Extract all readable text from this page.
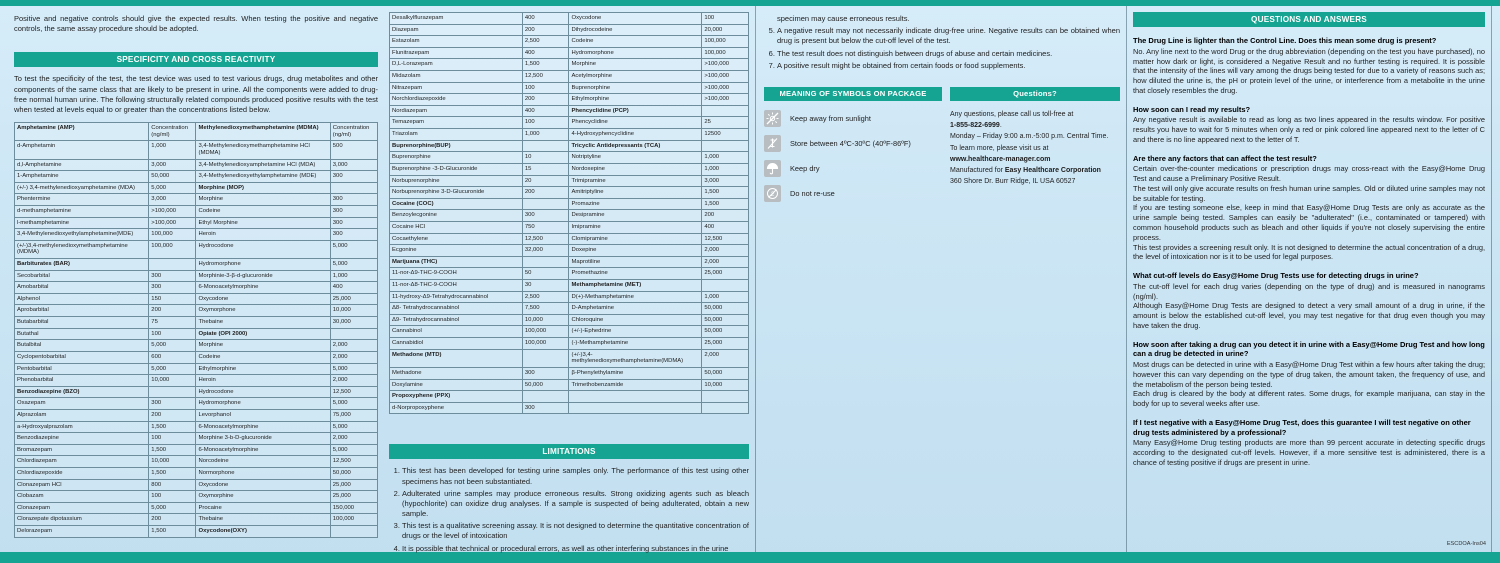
Positive and negative controls should give the expected results. When testing the positive and negative controls, the same assay procedure should be adopted.

SPECIFICITY AND CROSS REACTIVITY

To test the specificity of the test, the test device was used to test various drugs, drug metabolites and other components of the same class that are likely to be present in urine. All the components were added to drug-free normal human urine. The following structurally related compounds produced positive results with the test when tested at levels equal to or greater than the concentrations listed below.

Amphetamine (AMP)	Concentration (ng/ml)	Methylenedioxymethamphetamine (MDMA)	Concentration (ng/ml)
d-Amphetamin	1,000	3,4-Methylenedioxymethamphetamine HCl (MDMA)	500
d,l-Amphetamine	3,000	3,4-Methylenedioxyamphetamine HCl (MDA)	3,000
1-Amphetamine	50,000	3,4-Methylenedioxyethylamphetamine (MDE)	300
(+/-) 3,4-methylenedioxyamphetamine (MDA)	5,000	Morphine (MOP)	
Phentermine	3,000	Morphine	300
d-methamphetamine	>100,000	Codeine	300
l-methamphetamine	>100,000	Ethyl Morphine	300
3,4-Methylenedioxyethylamphetamine(MDE)	100,000	Heroin	300
(+/-)3,4-methylenedioxymethamphetamine (MDMA)	100,000	Hydrocodone	5,000
Barbiturates (BAR)		Hydromorphone	5,000
Secobarbital	300	Morphinie-3-β-d-glucuronide	1,000
Amobarbital	300	6-Monoacetylmorphine	400
Alphenol	150	Oxycodone	25,000
Aprobarbital	200	Oxymorphone	10,000
Butabarbital	75	Thebaine	30,000
Butathal	100	Opiate (OPI 2000)	
Butalbital	5,000	Morphine	2,000
Cyclopentobarbital	600	Codeine	2,000
Pentobarbital	5,000	Ethylmorphine	5,000
Phenobarbital	10,000	Heroin	2,000
Benzodiazepine (BZO)		Hydrocodone	12,500
Oxazepam	300	Hydromorphone	5,000
Alprazolam	200	Levorphanol	75,000
a-Hydroxyalprazolam	1,500	6-Monoacetylmorphine	5,000
Benzodiazepine	100	Morphine 3-b-D-glucuronide	2,000
Bromazepam	1,500	6-Monoacetylmorphine	5,000
Chlordiazepam	10,000	Norcodeine	12,500
Chlordiazepoxide	1,500	Normorphone	50,000
Clonazepam HCl	800	Oxycodone	25,000
Clobazam	100	Oxymorphine	25,000
Clonazepam	5,000	Procaine	150,000
Clorazepate dipotassium	200	Thebaine	100,000
Delorazepam	1,500	Oxycodone(OXY)	
Desalkylflurazepam	400	Oxycodone	100
Diazepam	200	Dihydrocodeine	20,000
Estazolam	2,500	Codeine	100,000
Flunitrazepam	400	Hydromorphone	100,000
D,L-Lorazepam	1,500	Morphine	>100,000
Midazolam	12,500	Acetylmorphine	>100,000
Nitrazepam	100	Buprenorphine	>100,000
Norchlordiazepoxide	200	Ethylmorphine	>100,000
Nordiazepam	400	Phencyclidine (PCP)	
Temazepam	100	Phencyclidine	25
Triazolam	1,000	4-Hydroxyphencyclidine	12500
Buprenorphine(BUP)		Tricyclic Antidepressants (TCA)	
Buprenorphine	10	Notriptyline	1,000
Buprenorphine -3-D-Glucuronide	15	Nordoxepine	1,000
Norbuprenorphine	20	Trimipramine	3,000
Norbuprenorphine 3-D-Glucuronide	200	Amitriptyline	1,500
Cocaine (COC)		Promazine	1,500
Benzoylecgonine	300	Desipramine	200
Cocaine HCl	750	Imipramine	400
Cocaethylene	12,500	Clomipramine	12,500
Ecgonine	32,000	Doxepine	2,000
Marijuana (THC)		Maprotiline	2,000
11-nor-Δ9-THC-9-COOH	50	Promethazine	25,000
11-nor-Δ8-THC-9-COOH	30	Methamphetamine (MET)	
11-hydroxy-Δ9-Tetrahydrocannabinol	2,500	D(+)-Methamphetamine	1,000
Δ8- Tetrahydrocannabinol	7,500	D-Amphetamine	50,000
Δ9- Tetrahydrocannabinol	10,000	Chloroquine	50,000
Cannabinol	100,000	(+/-)-Ephedrine	50,000
Cannabidiol	100,000	(-)-Methamphetamine	25,000
Methadone (MTD)		(+/-)3,4-methylenedioxymethamphetamine(MDMA)	2,000
Methadone	300	β-Phenylethylamine	50,000
Doxylamine	50,000	Trimethobenzamide	10,000
Propoxyphene (PPX)			
d-Norpropoxyphene	300		
LIMITATIONS
1. This test has been developed for testing urine samples only. The performance of this test using other specimens has not been substantiated.
2. Adulterated urine samples may produce erroneous results. Strong oxidizing agents such as bleach (hypochlorite) can oxidize drug analyses. If a sample is suspected of being adulterated, obtain a new sample.
3. This test is a qualitative screening assay. It is not designed to determine the quantitative concentration of drugs or the level of intoxication
4. It is possible that technical or procedural errors, as well as other interfering substances in the urine
specimen may cause erroneous results.
5. A negative result may not necessarily indicate drug-free urine. Negative results can be obtained when drug is present but below the cut-off level of the test.
6. The test result does not distinguish between drugs of abuse and certain medicines.
7. A positive result might be obtained from certain foods or food supplements.
MEANING OF SYMBOLS ON PACKAGE
Keep away from sunlight
Store between 4ºC-30ºC (40ºF-86ºF)
Keep dry
2 Do not re-use
Questions?
Any questions, please call us toll-free at
1-855-822-6999.
Monday – Friday 9:00 a.m.-5:00 p.m. Central Time.
To learn more, please visit us at
www.healthcare-manager.com
Manufactured for Easy Healthcare Corporation
360 Shore Dr. Burr Ridge, IL USA 60527
QUESTIONS AND ANSWERS
The Drug Line is lighter than the Control Line. Does this mean some drug is present?

No. Any line next to the word Drug or the drug abbreviation (depending on the test you have purchased), no matter how dark or light, is considered a Negative Result and no further testing is required. It is possible that the intensity of the lines will vary among the drugs being tested for due to a variety of reasons such as; how diluted the urine is, the pH or protein level of the urine, or interference from a metabolite in the urine that closely resembles the drug.

How soon can I read my results?

Any negative result is available to read as long as two lines appeared in the results window. For positive results you have to wait for 5 minutes when only a red or pink colored line appeared next to the letter of C and there is no line appeared next to the letter of T.

Are there any factors that can affect the test result?

Certain over-the-counter medications or prescription drugs may cross-react with the Easy@Home Drug Test and cause a Preliminary Positive Result.

The test will only give accurate results on fresh human urine samples. Old or diluted urine samples may not be suitable for testing.

If you are testing someone else, keep in mind that Easy@Home Drug Tests are only as accurate as the urine sample being tested. Samples can easily be "adulterated" (i.e., contaminated or tampered) with common household products such as bleach and other liquids if you're not closely supervising the entire process.

This test provides a screening result only. It is not designed to determine the actual concentration of a drug, the level of intoxication nor is it to be used for legal purposes.

What cut-off levels do Easy@Home Drug Tests use for detecting drugs in urine?

The cut-off level for each drug varies (depending on the type of drug) and is measured in nanograms (ng/ml).

Although Easy@Home Drug Tests are designed to detect a very small amount of a drug in urine, if the amount is below the established cut-off level, you may test negative for that drug even though you may have taken the drug.

How soon after taking a drug can you detect it in urine with a Easy@Home Drug Test and how long can a drug be detected in urine?

Most drugs can be detected in urine with a Easy@Home Drug Test within a few hours after taking the drug; however this can vary depending on the type of drug taken, the amount taken, the frequency of use, and the metabolism of the person being tested.

Each drug is cleared by the body at different rates. Some drugs, for example marijuana, can stay in the body for up to several weeks after use.

If I test negative with a Easy@Home Drug Test, does this guarantee I will test negative on other drug tests administered by a professional?

Many Easy@Home Drug testing products are more than 99 percent accurate in detecting specific drugs according to the designated cut-off levels. However, if a more sensitive test is administered, there is a chance of testing positive if drugs are present in urine.

ESCDOA-Ins04
